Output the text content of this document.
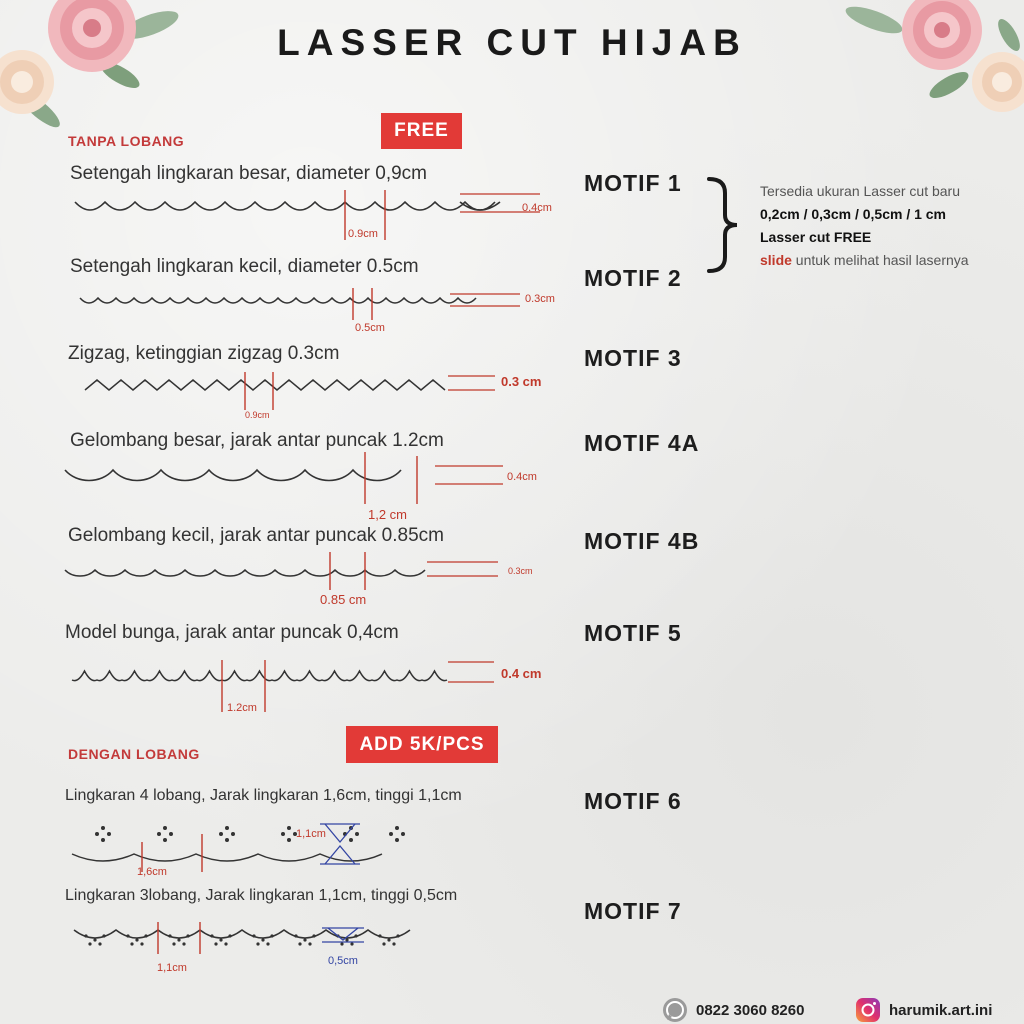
LASSER CUT HIJAB
TANPA LOBANG	FREE
Setengah lingkaran besar, diameter 0,9cm	MOTIF 1
0.9cm
0.4cm
Setengah lingkaran kecil, diameter 0.5cm	MOTIF 2
0.5cm
0.3cm
Zigzag, ketinggian zigzag 0.3cm	MOTIF 3
0.9cm
0.3 cm
Gelombang besar, jarak antar puncak 1.2cm	MOTIF 4A
1,2 cm
0.4cm
Gelombang kecil, jarak antar puncak 0.85cm	MOTIF 4B
0.85 cm
0.3cm
Model bunga, jarak antar puncak 0,4cm	MOTIF 5
1.2cm
0.4 cm
DENGAN LOBANG	ADD 5K/PCS
Lingkaran 4 lobang, Jarak lingkaran 1,6cm, tinggi 1,1cm	MOTIF 6
1,6cm
1,1cm
Lingkaran 3lobang, Jarak lingkaran 1,1cm, tinggi 0,5cm
MOTIF 7
1,1cm
0,5cm
Tersedia ukuran Lasser cut baru
0,2cm / 0,3cm / 0,5cm / 1 cm
Lasser cut FREE
slide untuk melihat hasil lasernya
0822 3060 8260	harumik.art.ini
